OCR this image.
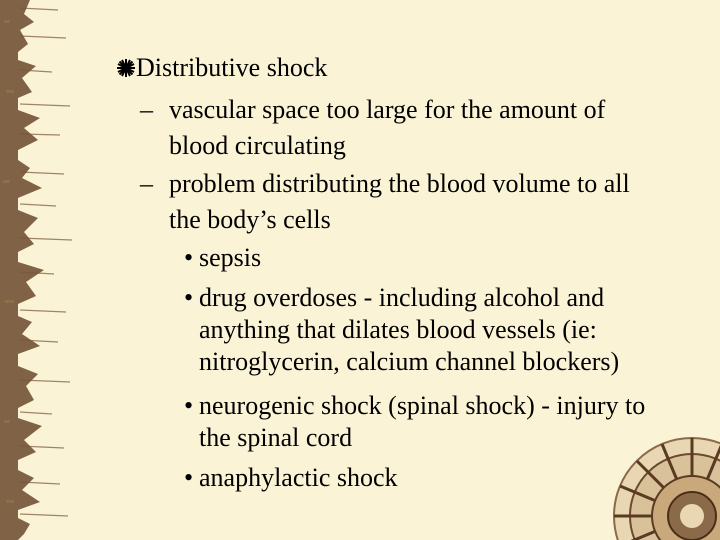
Distributive shock
– vascular space too large for the amount of
blood circulating
– problem distributing the blood volume to all
the body’s cells
• sepsis
• drug overdoses - including alcohol and
anything that dilates blood vessels (ie:
nitroglycerin, calcium channel blockers)
• neurogenic shock (spinal shock) - injury to
the spinal cord
• anaphylactic shock
